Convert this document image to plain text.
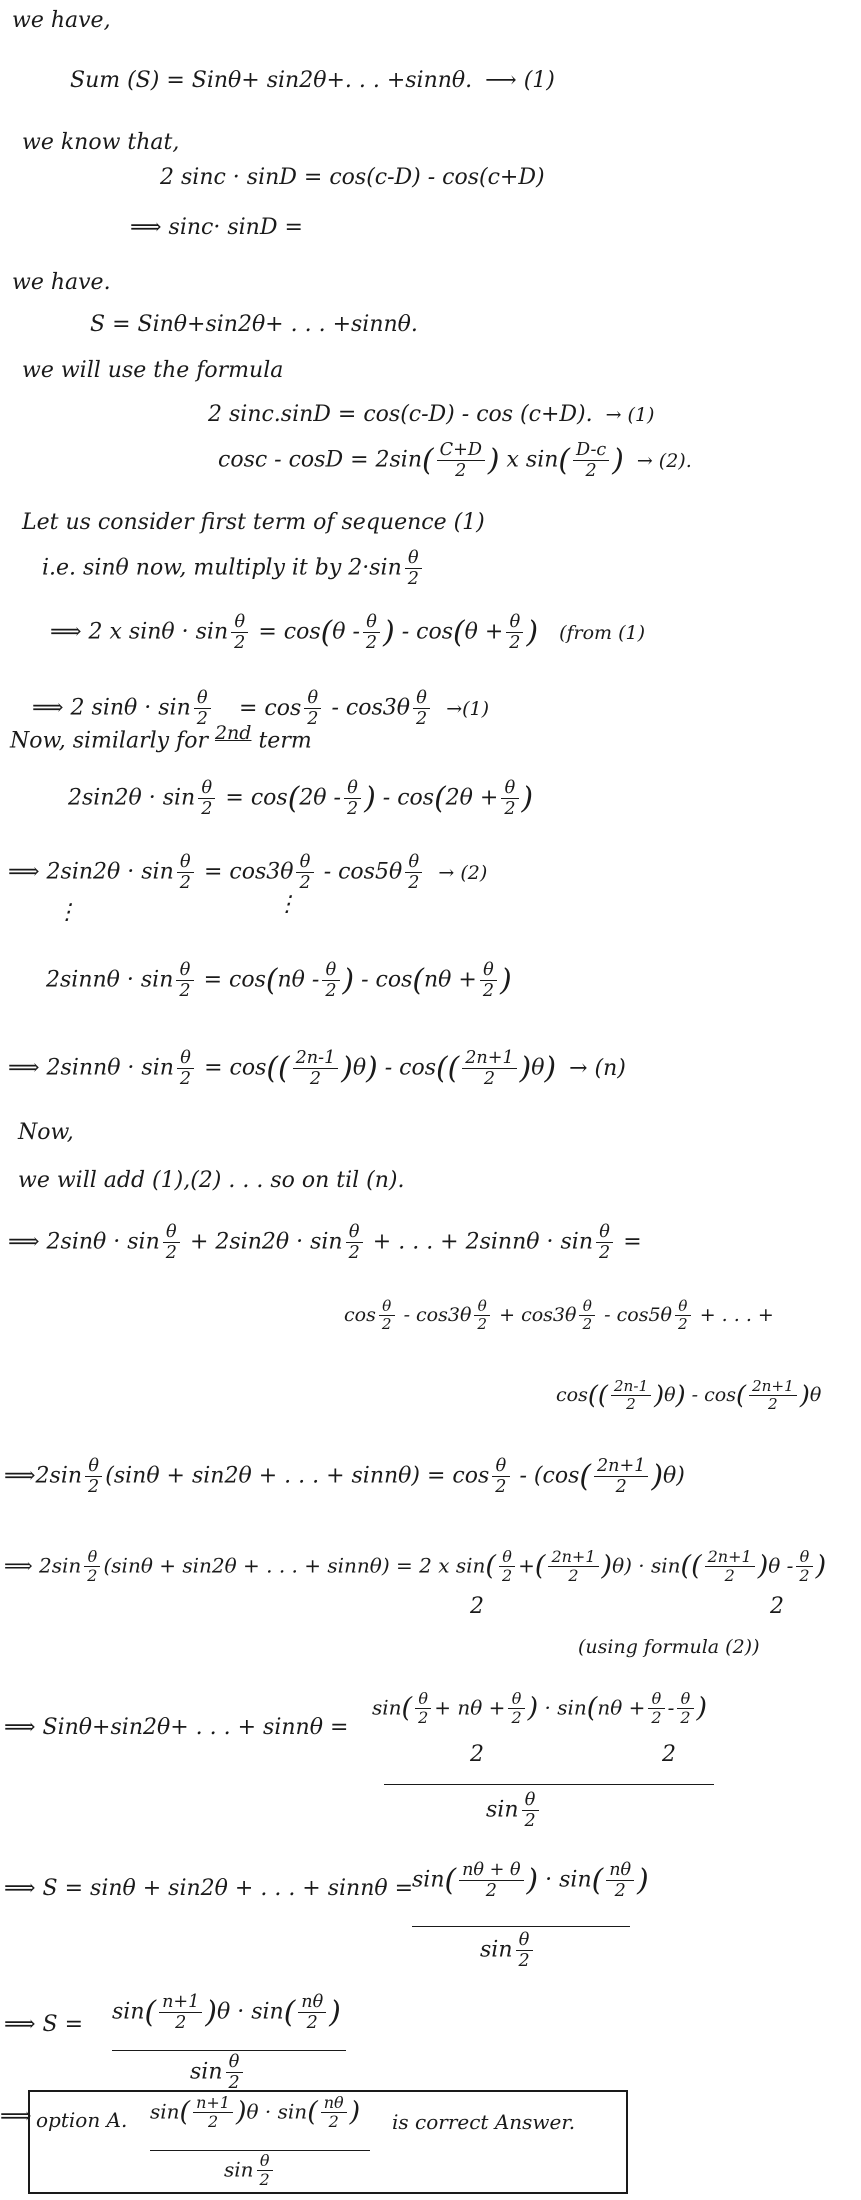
we have,
Sum (S) = Sinθ+ sin2θ+. . . +sinnθ. ⟶ (1)
we know that,
2 sinc · sinD = cos(c-D) - cos(c+D)
⟹ sinc· sinD =
we have.
S = Sinθ+sin2θ+ . . . +sinnθ.
we will use the formula
2 sinc.sinD = cos(c-D) - cos (c+D). → (1)
$\cos c - \cos D = 2\sin( \frac{C+D}{2}$ ) x $\sin( \frac{D-c}{2}$ ) → (2).
Let us consider first term of sequence (1)
i.e. sinθ now, multiply it by $2\cdot\sin \frac{\theta}{2}$
⟹ 2 x $\sin\theta \cdot \sin \frac{\theta}{2} = \cos(\theta - \frac{\theta}{2}$ ) - $\cos(\theta + \frac{\theta}{2}$ ) (from (1)
⟹ 2 $\sin\theta \cdot \sin \frac{\theta}{2} = \cos \frac{\theta}{2} - \cos 3\theta \frac{\theta}{2} \to(1)$
Now, similarly for $^{2nd}$ term
$2\sin 2\theta \cdot \sin \frac{\theta}{2} = \cos(2\theta - \frac{\theta}{2}$ ) - $\cos(2\theta + \frac{\theta}{2}$ )
⟹ $2\sin 2\theta \cdot \sin \frac{\theta}{2} = \cos 3\theta \frac{\theta}{2} - \cos 5\theta \frac{\theta}{2} \to (2)$
⋮	⋮
$2\sin n\theta \cdot \sin \frac{\theta}{2} = \cos(n\theta - \frac{\theta}{2}$ ) - $\cos(n\theta + \frac{\theta}{2}$ )
⟹ $2\sin n\theta \cdot \sin \frac{\theta}{2} = \cos(( \frac{2n-1}{2} )\theta) - \cos(( \frac{2n+1}{2} )\theta) \to (n)$
Now,
we will add (1),(2) . . . so on til (n).
⟹ $2\sin\theta \cdot \sin \frac{\theta}{2} + 2\sin 2\theta \cdot \sin \frac{\theta}{2}$ + . . . + $2\sin n\theta \cdot \sin \frac{\theta}{2}$ =
$\cos \frac{\theta}{2} - \cos 3\theta \frac{\theta}{2} + \cos 3\theta \frac{\theta}{2} - \cos 5\theta \frac{\theta}{2}$ + . . . +
$\cos(( \frac{2n-1}{2} )\theta) - \cos( \frac{2n+1}{2} )\theta$
⟹2sin $\frac{\theta}{2} (\sin\theta + \sin 2\theta$ + . . . + $\sin n\theta) = \cos \frac{\theta}{2} - (\cos( \frac{2n+1}{2} )\theta)$
⟹ $2\sin \frac{\theta}{2} (\sin\theta + \sin 2\theta$ + . . . + sinnθ) = 2 x $\sin( \frac{\theta}{2}$ +( $\frac{2n+1}{2} )\theta) \cdot \sin(( \frac{2n+1}{2} )\theta - \frac{\theta}{2}$ )
2	2
(using formula (2))
⟹ Sinθ+sin2θ+ . . . + sinnθ =
$\sin( \frac{\theta}{2} + n\theta + \frac{\theta}{2}$ ) · $\sin(n\theta + \frac{\theta}{2} - \frac{\theta}{2}$ )
2	2
$\sin \frac{\theta}{2}$
⟹ S = sinθ + sin2θ + . . . + sinnθ =
$\sin( \frac{n\theta + \theta}{2}$ ) · $\sin( \frac{n\theta}{2}$ )
$\sin \frac{\theta}{2}$
⟹ $S = \sin( \frac{n+1}{2} )\theta \cdot \sin( \frac{n\theta}{2}$ )
$\sin \frac{\theta}{2}$
⟹ option A. $\sin( \frac{n+1}{2} )\theta \cdot \sin( \frac{n\theta}{2}$ )
$\sin \frac{\theta}{2}$
is correct Answer.
